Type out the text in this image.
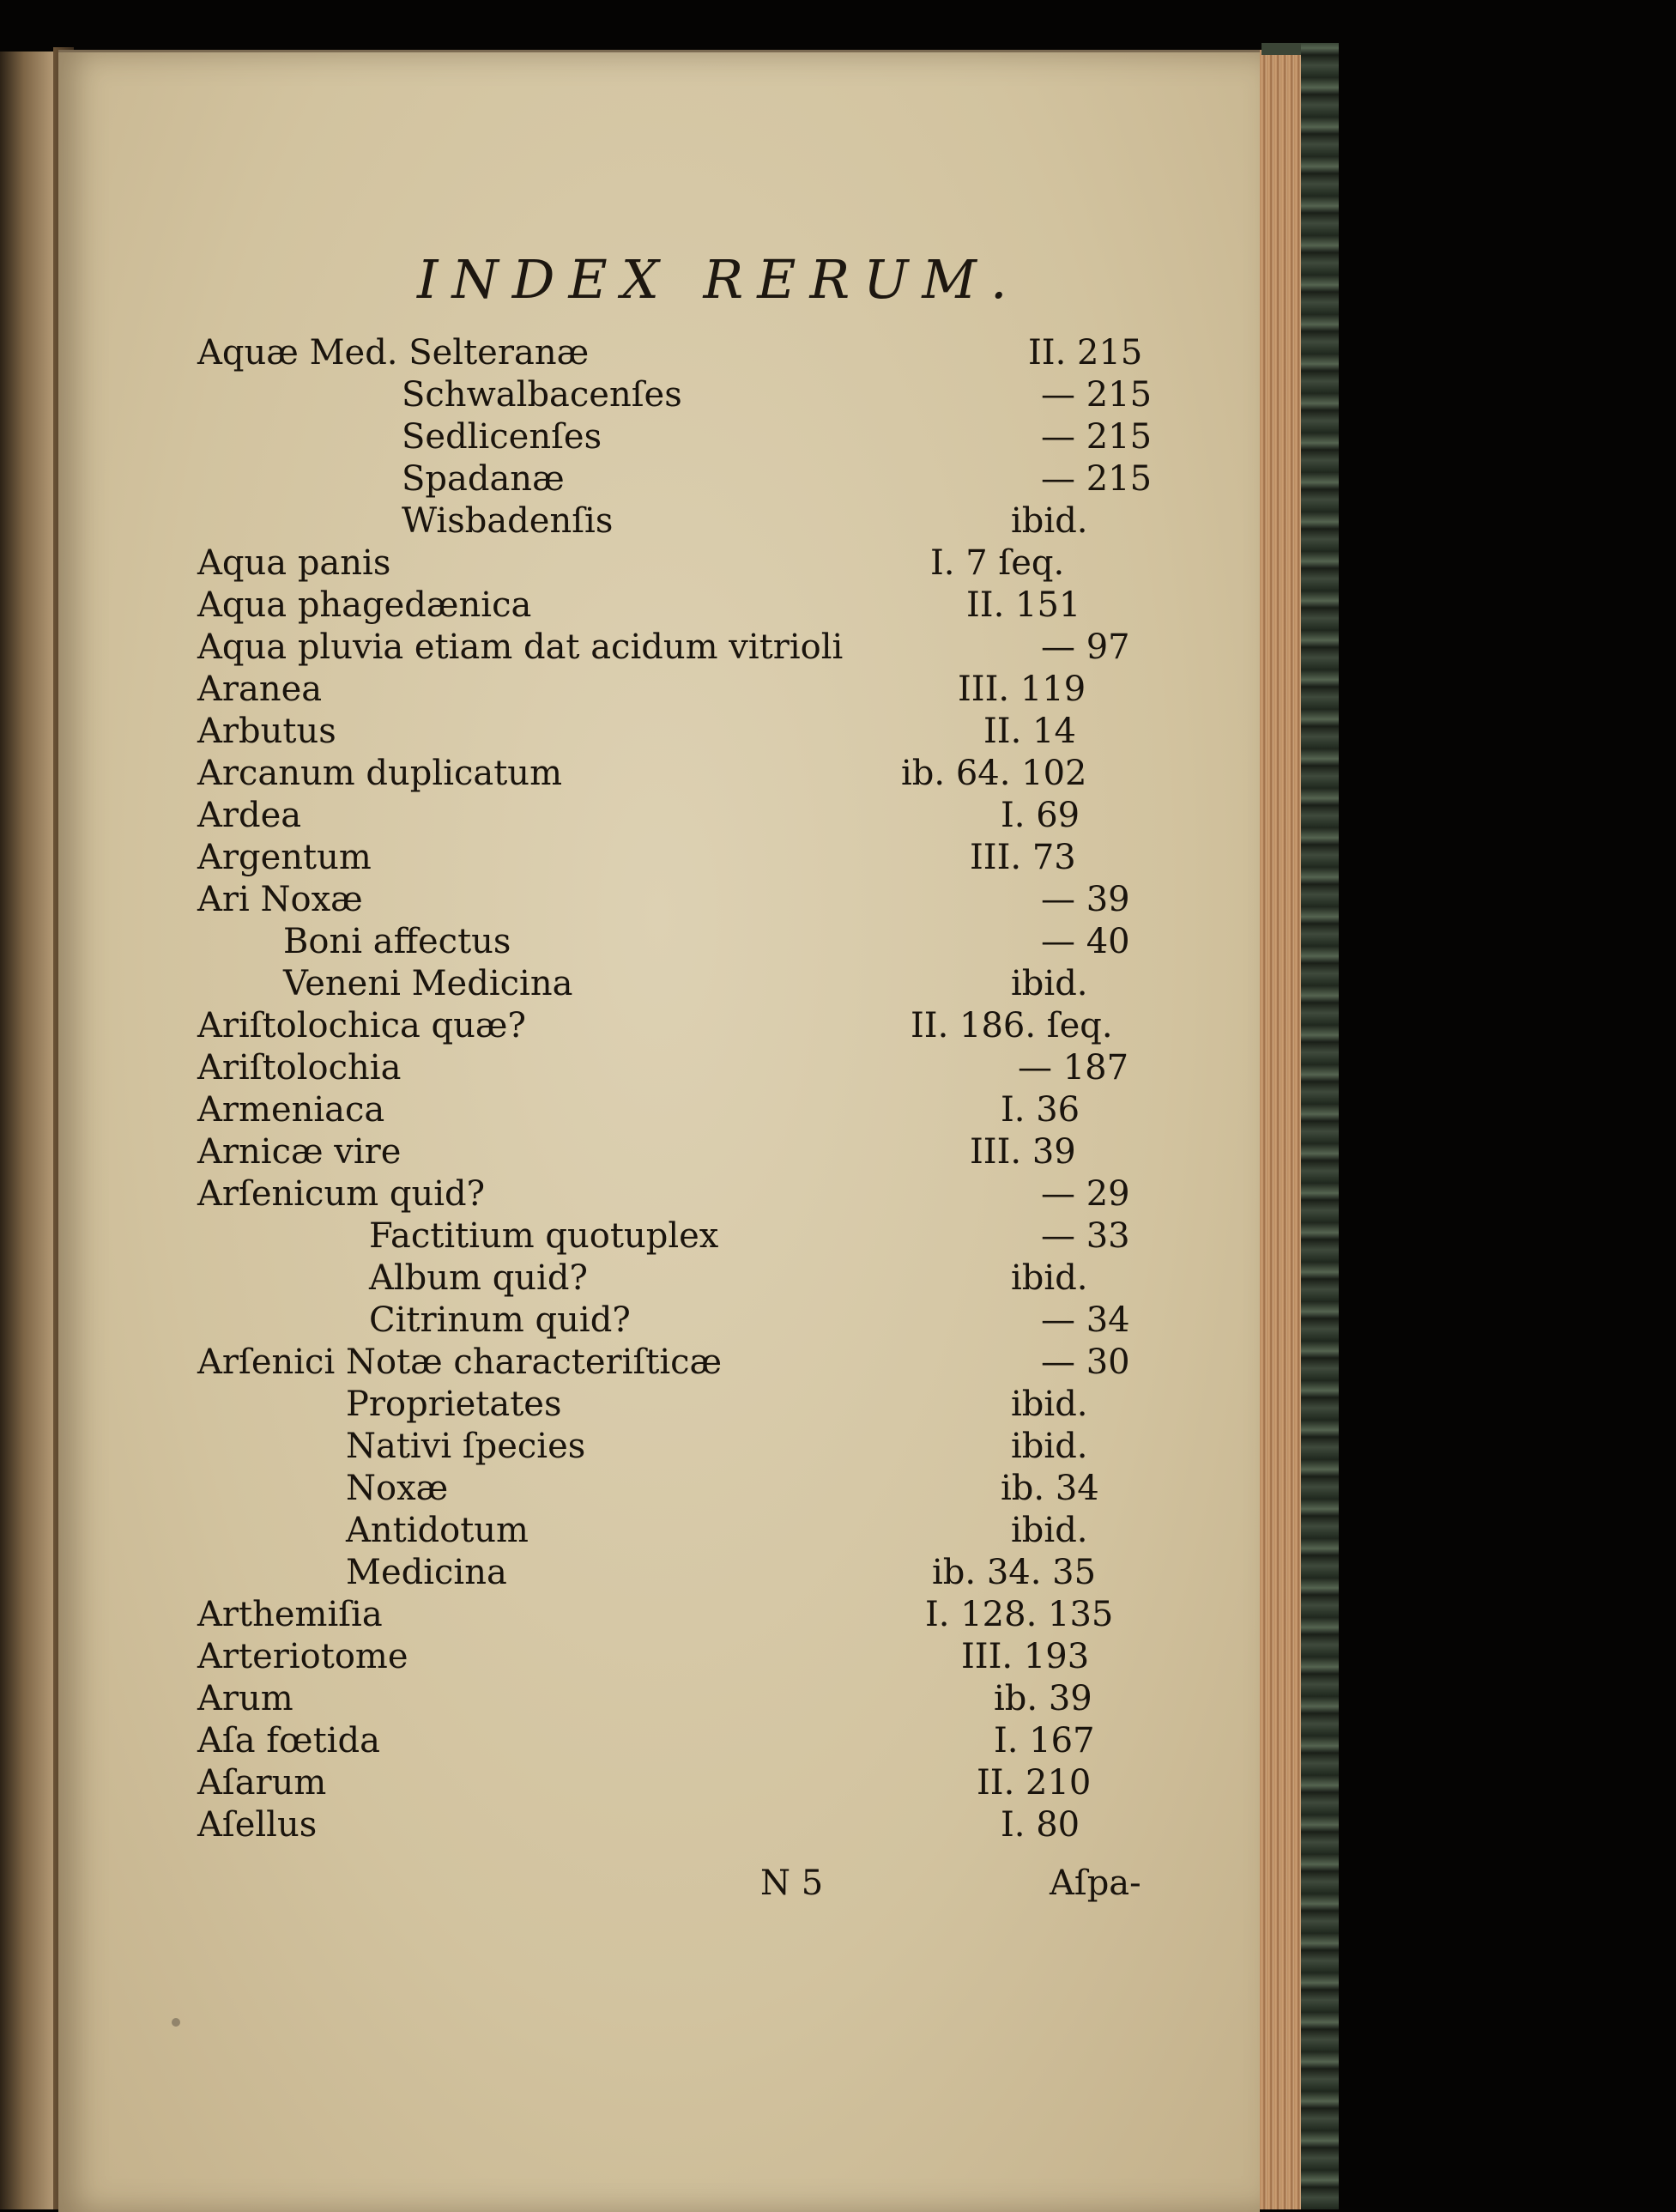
INDEX RERUM.
Aquæ Med. Selteranæ	II. 215
Schwalbacenſes	— 215
Sedlicenſes	— 215
Spadanæ	— 215
Wisbadenſis	ibid.
Aqua panis	I. 7 ſeq.
Aqua phagedænica	II. 151
Aqua pluvia etiam dat acidum vitrioli	— 97
Aranea	III. 119
Arbutus	II. 14
Arcanum duplicatum	ib. 64. 102
Ardea	I. 69
Argentum	III. 73
Ari Noxæ	— 39
Boni affectus	— 40
Veneni Medicina	ibid.
Ariſtolochica quæ?	II. 186. ſeq.
Ariſtolochia	— 187
Armeniaca	I. 36
Arnicæ vire	III. 39
Arſenicum quid?	— 29
Factitium quotuplex	— 33
Album quid?	ibid.
Citrinum quid?	— 34
Arſenici Notæ characteriſticæ	— 30
Proprietates	ibid.
Nativi ſpecies	ibid.
Noxæ	ib. 34
Antidotum	ibid.
Medicina	ib. 34. 35
Arthemiſia	I. 128. 135
Arteriotome	III. 193
Arum	ib. 39
Aſa fœtida	I. 167
Aſarum	II. 210
Aſellus	I. 80
N 5	Aſpa-
